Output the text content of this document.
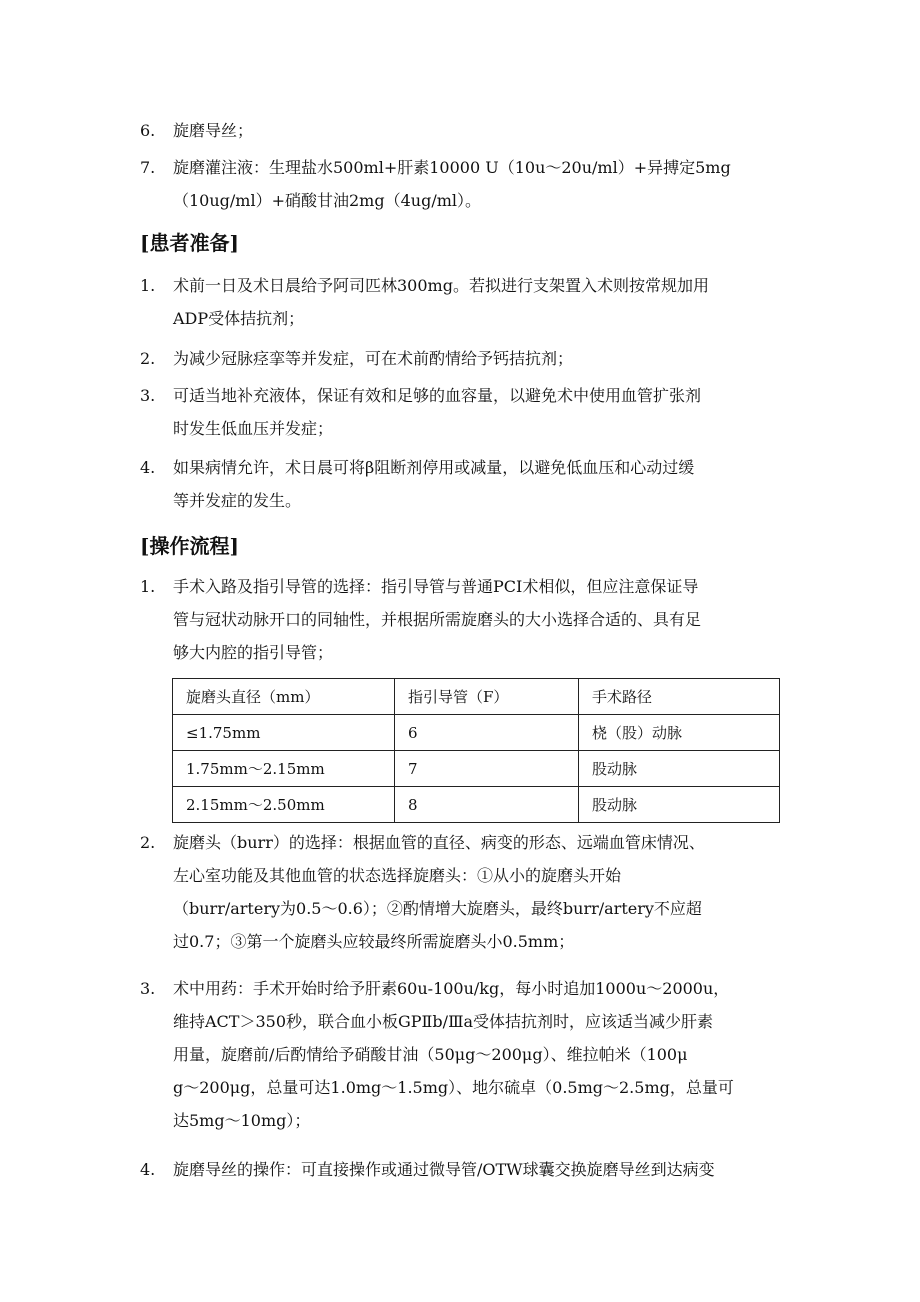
6.	旋磨导丝；
7.	旋磨灌注液：生理盐水500ml+肝素10000 U（10u～20u/ml）+异搏定5mg
（10ug/ml）+硝酸甘油2mg（4ug/ml）。
[患者准备]
1.	术前一日及术日晨给予阿司匹林300mg。若拟进行支架置入术则按常规加用
ADP受体拮抗剂；
2.	为减少冠脉痉挛等并发症，可在术前酌情给予钙拮抗剂；
3.	可适当地补充液体，保证有效和足够的血容量，以避免术中使用血管扩张剂
时发生低血压并发症；
4.	如果病情允许，术日晨可将β阻断剂停用或减量，以避免低血压和心动过缓
等并发症的发生。
[操作流程]
1.	手术入路及指引导管的选择：指引导管与普通PCI术相似，但应注意保证导
管与冠状动脉开口的同轴性，并根据所需旋磨头的大小选择合适的、具有足
够大内腔的指引导管；
旋磨头直径（mm）	指引导管（F）	手术路径
≤1.75mm	6	桡（股）动脉
1.75mm～2.15mm	7	股动脉
2.15mm～2.50mm	8	股动脉
2.	旋磨头（burr）的选择：根据血管的直径、病变的形态、远端血管床情况、
左心室功能及其他血管的状态选择旋磨头：①从小的旋磨头开始
（burr/artery为0.5～0.6）；②酌情增大旋磨头，最终burr/artery不应超
过0.7；③第一个旋磨头应较最终所需旋磨头小0.5mm；
3.	术中用药：手术开始时给予肝素60u-100u/kg，每小时追加1000u～2000u，
维持ACT＞350秒，联合血小板GPⅡb/Ⅲa受体拮抗剂时，应该适当减少肝素
用量，旋磨前/后酌情给予硝酸甘油（50μg～200μg）、维拉帕米（100μ
g～200μg，总量可达1.0mg～1.5mg）、地尔硫卓（0.5mg～2.5mg，总量可
达5mg～10mg）；
4.	旋磨导丝的操作：可直接操作或通过微导管/OTW球囊交换旋磨导丝到达病变
